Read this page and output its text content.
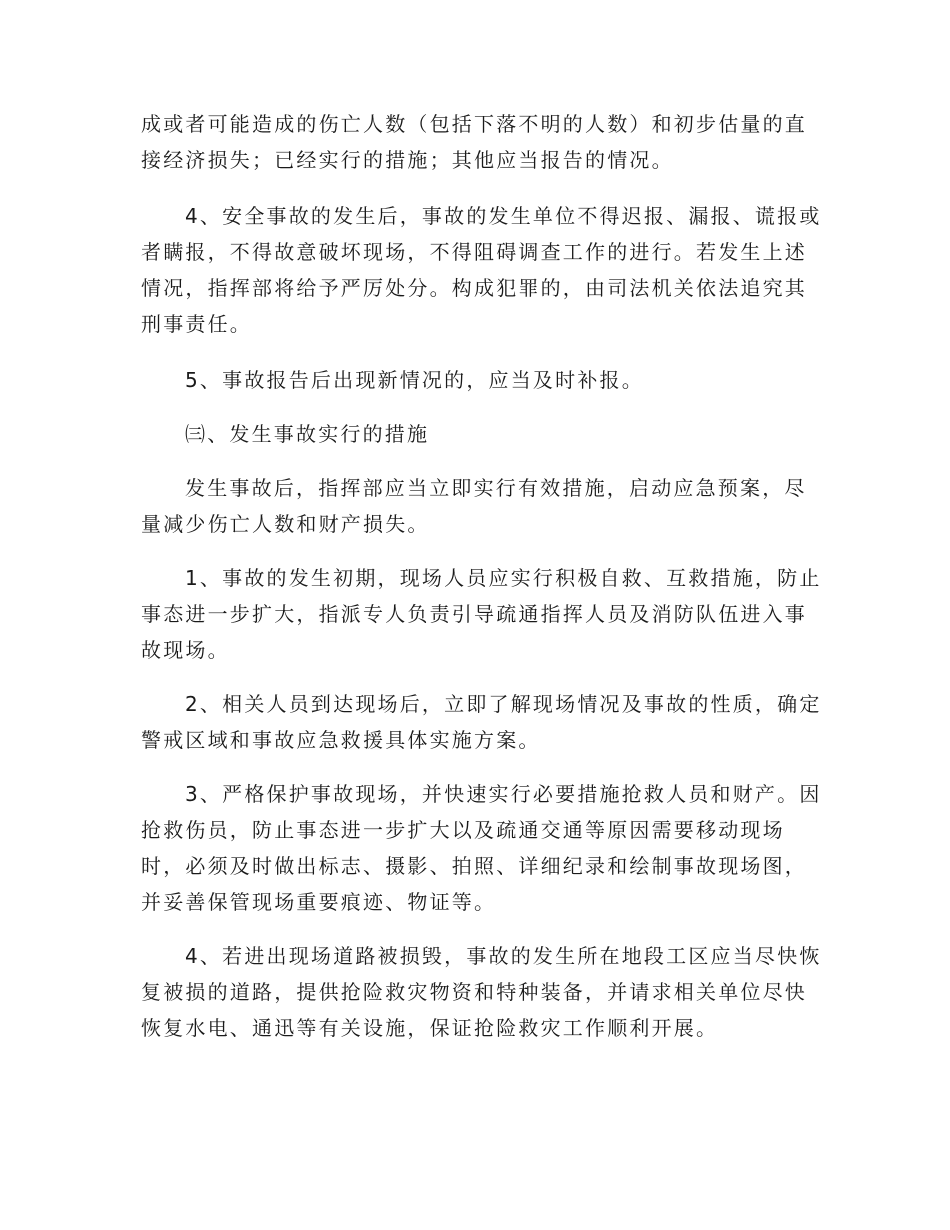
成或者可能造成的伤亡人数（包括下落不明的人数）和初步估量的直
接经济损失；已经实行的措施；其他应当报告的情况。
4、安全事故的发生后，事故的发生单位不得迟报、漏报、谎报或
者瞒报，不得故意破坏现场，不得阻碍调查工作的进行。若发生上述
情况，指挥部将给予严厉处分。构成犯罪的，由司法机关依法追究其
刑事责任。
5、事故报告后出现新情况的，应当及时补报。
㈢、发生事故实行的措施
发生事故后，指挥部应当立即实行有效措施，启动应急预案，尽
量减少伤亡人数和财产损失。
1、事故的发生初期，现场人员应实行积极自救、互救措施，防止
事态进一步扩大，指派专人负责引导疏通指挥人员及消防队伍进入事
故现场。
2、相关人员到达现场后，立即了解现场情况及事故的性质，确定
警戒区域和事故应急救援具体实施方案。
3、严格保护事故现场，并快速实行必要措施抢救人员和财产。因
抢救伤员，防止事态进一步扩大以及疏通交通等原因需要移动现场
时，必须及时做出标志、摄影、拍照、详细纪录和绘制事故现场图，
并妥善保管现场重要痕迹、物证等。
4、若进出现场道路被损毁，事故的发生所在地段工区应当尽快恢
复被损的道路，提供抢险救灾物资和特种装备，并请求相关单位尽快
恢复水电、通迅等有关设施，保证抢险救灾工作顺利开展。
